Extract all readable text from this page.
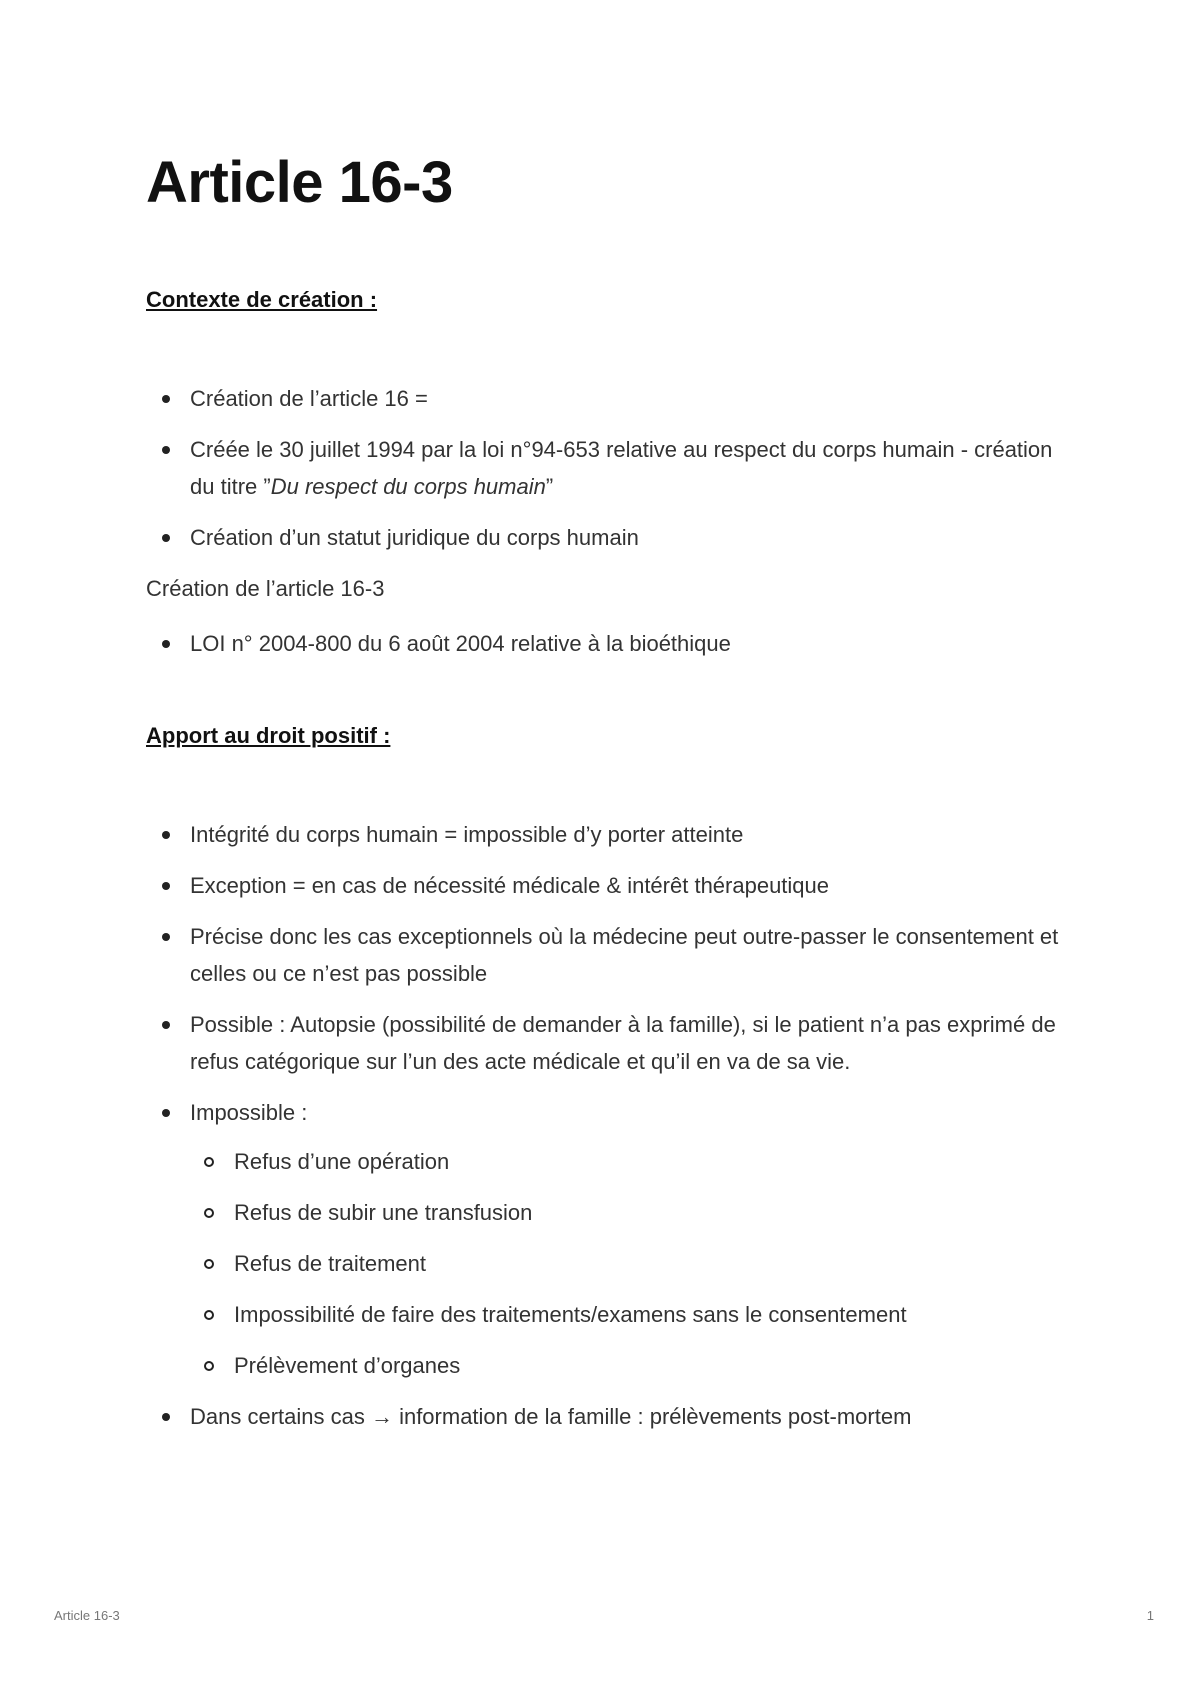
Article 16-3
Contexte de création :
Création de l’article 16 =
Créée le 30 juillet 1994 par la loi n°94-653 relative au respect du corps humain - création du titre ”Du respect du corps humain”
Création d’un statut juridique du corps humain

Création de l’article 16-3

LOI n° 2004-800 du 6 août 2004 relative à la bioéthique
Apport au droit positif :
Intégrité du corps humain = impossible d’y porter atteinte
Exception = en cas de nécessité médicale & intérêt thérapeutique
Précise donc les cas exceptionnels où la médecine peut outre-passer le consentement et celles ou ce n’est pas possible
Possible : Autopsie (possibilité de demander à la famille), si le patient n’a pas exprimé de refus catégorique sur l’un des acte médicale et qu’il en va de sa vie.
Impossible :
Refus d’une opération
Refus de subir une transfusion
Refus de traitement
Impossibilité de faire des traitements/examens sans le consentement
Prélèvement d’organes
Dans certains cas → information de la famille : prélèvements post-mortem
Article 16-3	1
